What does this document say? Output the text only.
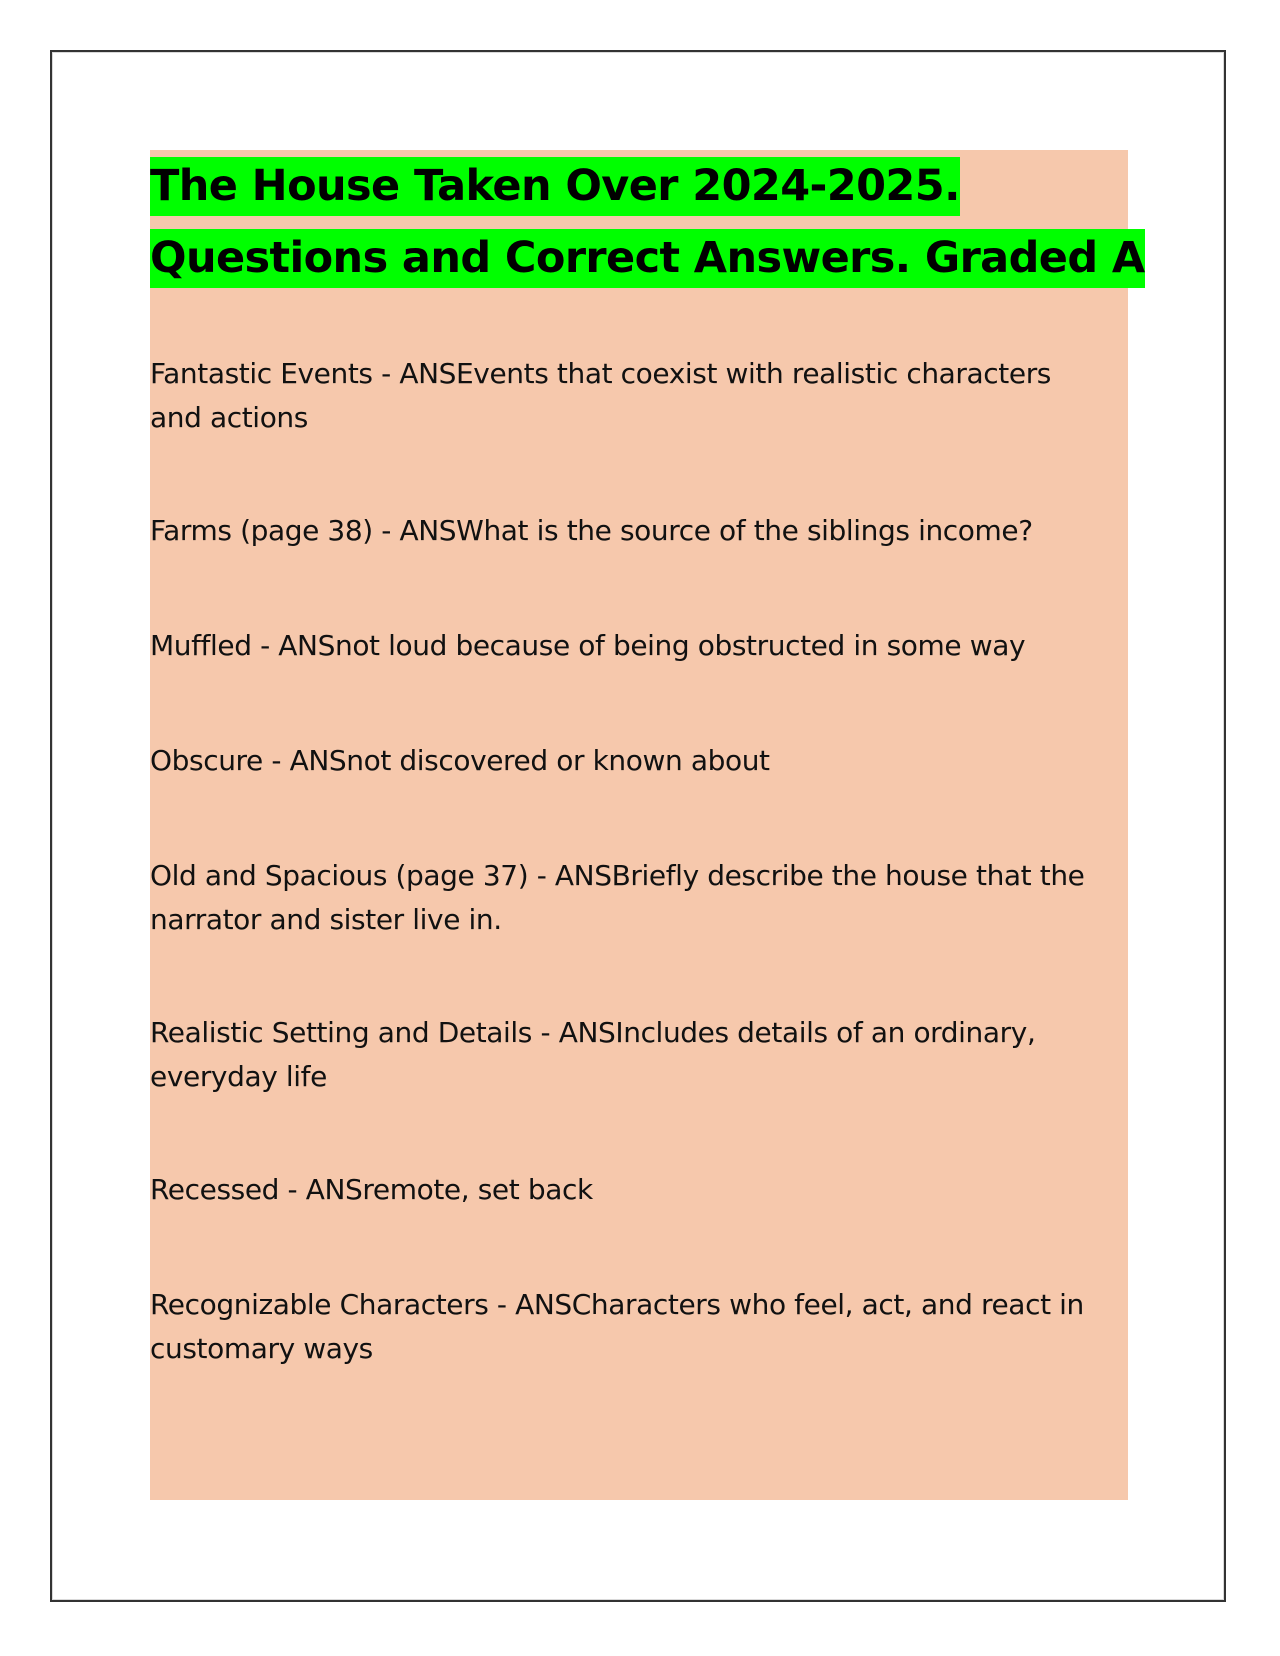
The House Taken Over 2024-2025.
Questions and Correct Answers. Graded A

Fantastic Events - ANSEvents that coexist with realistic characters and actions

Farms (page 38) - ANSWhat is the source of the siblings income?

Muffled - ANSnot loud because of being obstructed in some way

Obscure - ANSnot discovered or known about

Old and Spacious (page 37) - ANSBriefly describe the house that the narrator and sister live in.

Realistic Setting and Details - ANSIncludes details of an ordinary, everyday life

Recessed - ANSremote, set back

Recognizable Characters - ANSCharacters who feel, act, and react in customary ways
